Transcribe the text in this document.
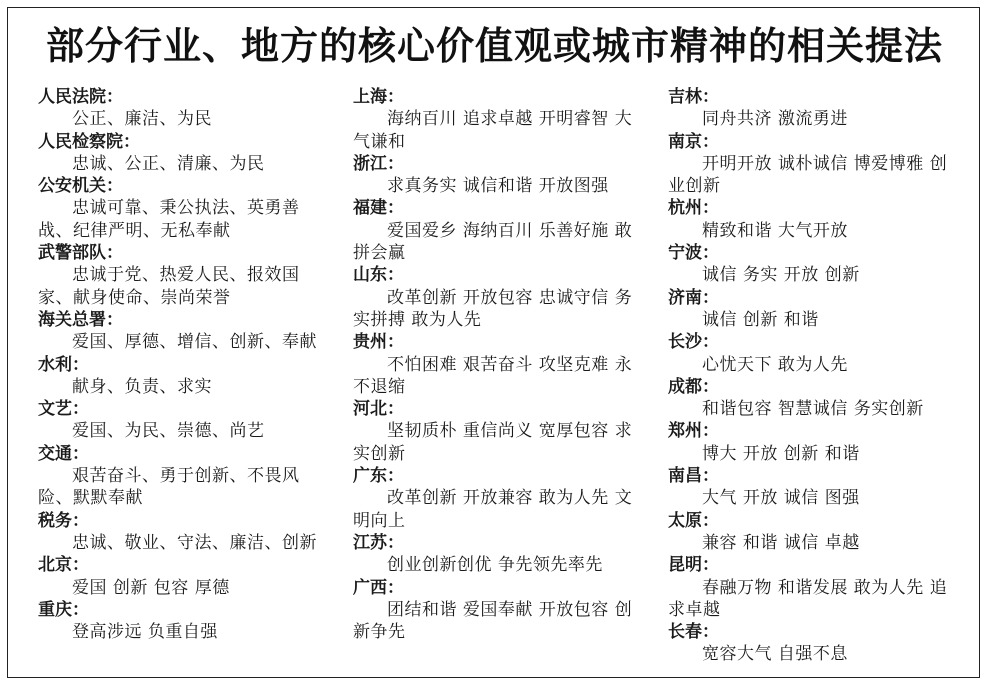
部分行业、地方的核心价值观或城市精神的相关提法
人民法院：
公正、廉洁、为民
人民检察院：
忠诚、公正、清廉、为民
公安机关：
忠诚可靠、秉公执法、英勇善战、纪律严明、无私奉献
武警部队：
忠诚于党、热爱人民、报效国家、献身使命、崇尚荣誉
海关总署：
爱国、厚德、增信、创新、奉献
水利：
献身、负责、求实
文艺：
爱国、为民、崇德、尚艺
交通：
艰苦奋斗、勇于创新、不畏风险、默默奉献
税务：
忠诚、敬业、守法、廉洁、创新
北京：
爱国 创新 包容 厚德
重庆：
登高涉远 负重自强
上海：
海纳百川 追求卓越 开明睿智 大气谦和
浙江：
求真务实 诚信和谐 开放图强
福建：
爱国爱乡 海纳百川 乐善好施 敢拼会赢
山东：
改革创新 开放包容 忠诚守信 务实拼搏 敢为人先
贵州：
不怕困难 艰苦奋斗 攻坚克难 永不退缩
河北：
坚韧质朴 重信尚义 宽厚包容 求实创新
广东：
改革创新 开放兼容 敢为人先 文明向上
江苏：
创业创新创优 争先领先率先
广西：
团结和谐 爱国奉献 开放包容 创新争先
吉林：
同舟共济 激流勇进
南京：
开明开放 诚朴诚信 博爱博雅 创业创新
杭州：
精致和谐 大气开放
宁波：
诚信 务实 开放 创新
济南：
诚信 创新 和谐
长沙：
心忧天下 敢为人先
成都：
和谐包容 智慧诚信 务实创新
郑州：
博大 开放 创新 和谐
南昌：
大气 开放 诚信 图强
太原：
兼容 和谐 诚信 卓越
昆明：
春融万物 和谐发展 敢为人先 追求卓越
长春：
宽容大气 自强不息
